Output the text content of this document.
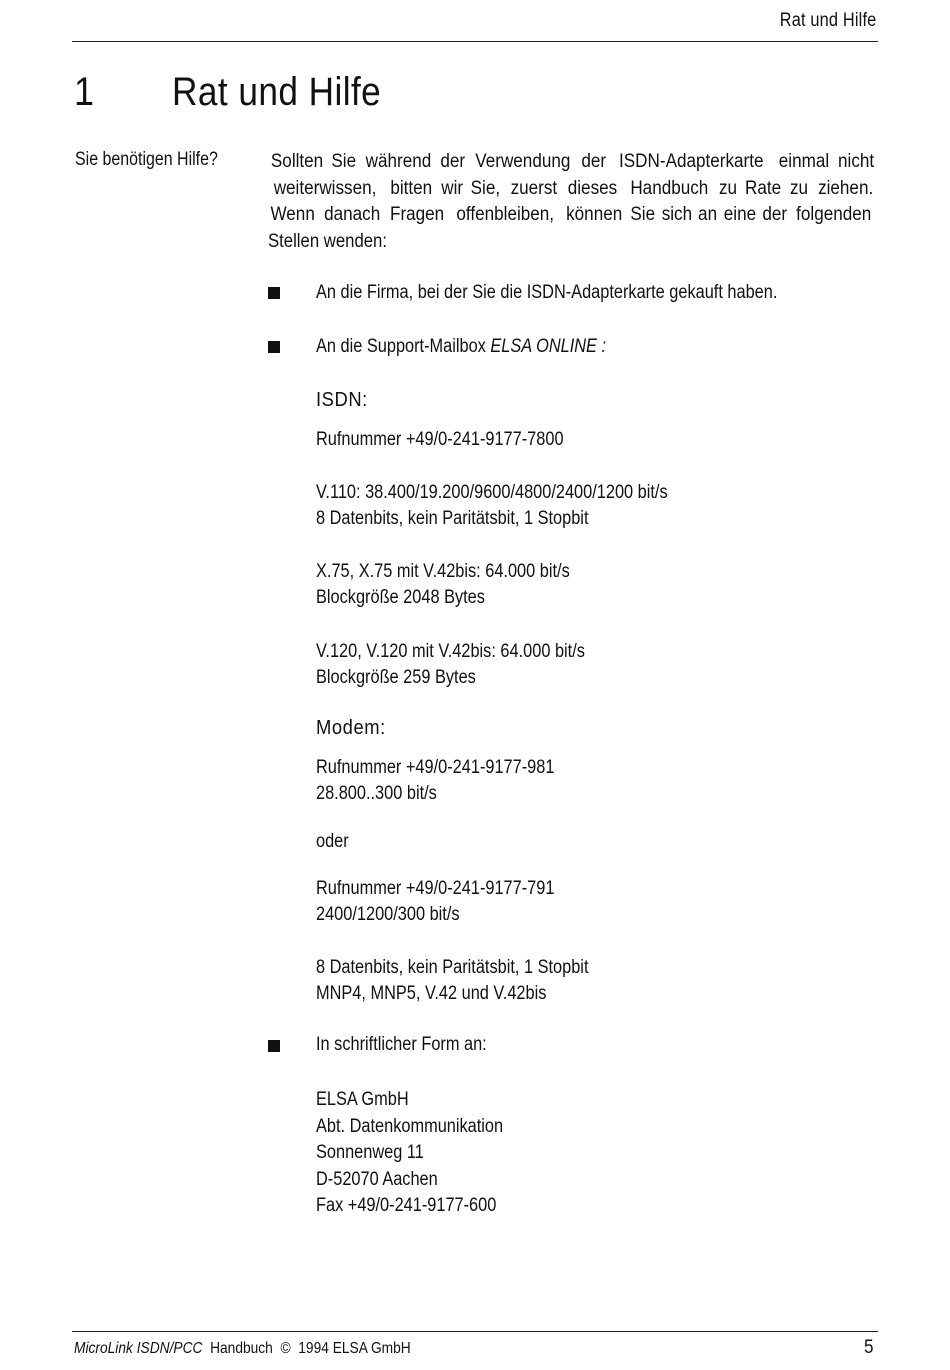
Rat und Hilfe
1 Rat und Hilfe
Sie benötigen Hilfe?	Sollten Sie während der Verwendung der ISDN-Adapterkarte einmal nicht
weiterwissen, bitten wir Sie, zuerst dieses Handbuch zu Rate zu ziehen.
Wenn danach Fragen offenbleiben, können Sie sich an eine der folgenden
Stellen wenden:
An die Firma, bei der Sie die ISDN-Adapterkarte gekauft haben.
An die Support-Mailbox ELSA ONLINE :
ISDN:
Rufnummer +49/0-241-9177-7800
V.110: 38.400/19.200/9600/4800/2400/1200 bit/s
8 Datenbits, kein Paritätsbit, 1 Stopbit
X.75, X.75 mit V.42bis: 64.000 bit/s
Blockgröße 2048 Bytes
V.120, V.120 mit V.42bis: 64.000 bit/s
Blockgröße 259 Bytes
Modem:
Rufnummer +49/0-241-9177-981
28.800..300 bit/s
oder
Rufnummer +49/0-241-9177-791
2400/1200/300 bit/s
8 Datenbits, kein Paritätsbit, 1 Stopbit
MNP4, MNP5, V.42 und V.42bis
In schriftlicher Form an:
ELSA GmbH
Abt. Datenkommunikation
Sonnenweg 11
D-52070 Aachen
Fax +49/0-241-9177-600
MicroLink ISDN/PCC Handbuch  ©  1994 ELSA GmbH	5
